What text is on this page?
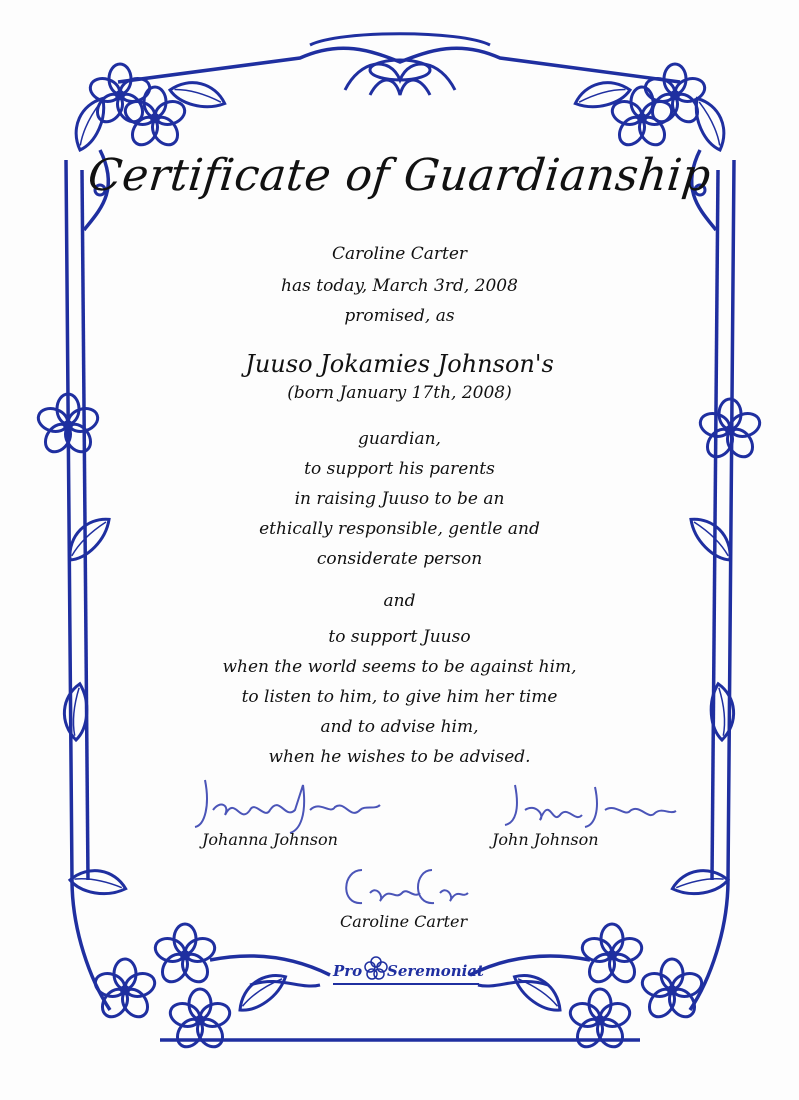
Certificate of Guardianship
Caroline Carter
has today, March 3rd, 2008
promised, as
Juuso Jokamies Johnson's
(born January 17th, 2008)
guardian,
to support his parents
in raising Juuso to be an
ethically responsible, gentle and
considerate person
and
to support Juuso
when the world seems to be against him,
to listen to him, to give him her time
and to advise him,
when he wishes to be advised.
Johanna Johnson	John Johnson
Caroline Carter
Pro Seremoniat
